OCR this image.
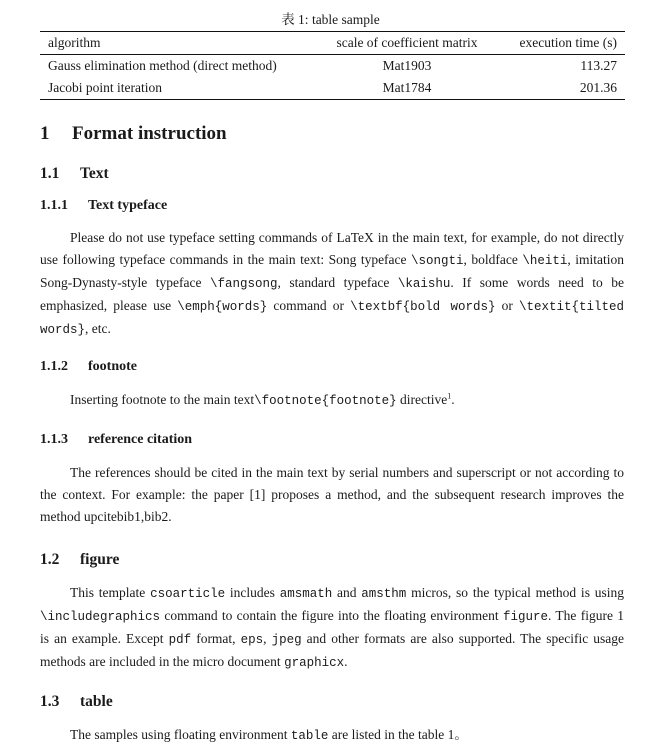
表 1: table sample
algorithm	scale of coefficient matrix	execution time (s)
Gauss elimination method (direct method)	Mat1903	113.27
Jacobi point iteration	Mat1784	201.36
1 Format instruction
1.1 Text
1.1.1 Text typeface
Please do not use typeface setting commands of LaTeX in the main text, for example, do not directly use following typeface commands in the main text: Song typeface \songti, boldface \heiti, imitation Song-Dynasty-style typeface \fangsong, standard typeface \kaishu. If some words need to be emphasized, please use \emph{words} command or \textbf{bold words} or \textit{tilted words}, etc.
1.1.2 footnote
Inserting footnote to the main text\footnote{footnote} directive$^1$.
1.1.3 reference citation
The references should be cited in the main text by serial numbers and superscript or not according to the context. For example: the paper [1] proposes a method, and the subsequent research improves the method upcitebib1,bib2.
1.2 figure
This template csoarticle includes amsmath and amsthm micros, so the typical method is using \includegraphics command to contain the figure into the floating environment figure. The figure 1 is an example. Except pdf format, eps, jpeg and other formats are also supported. The specific usage methods are included in the micro document graphicx.
1.3 table
The samples using floating environment table are listed in the table 1。
